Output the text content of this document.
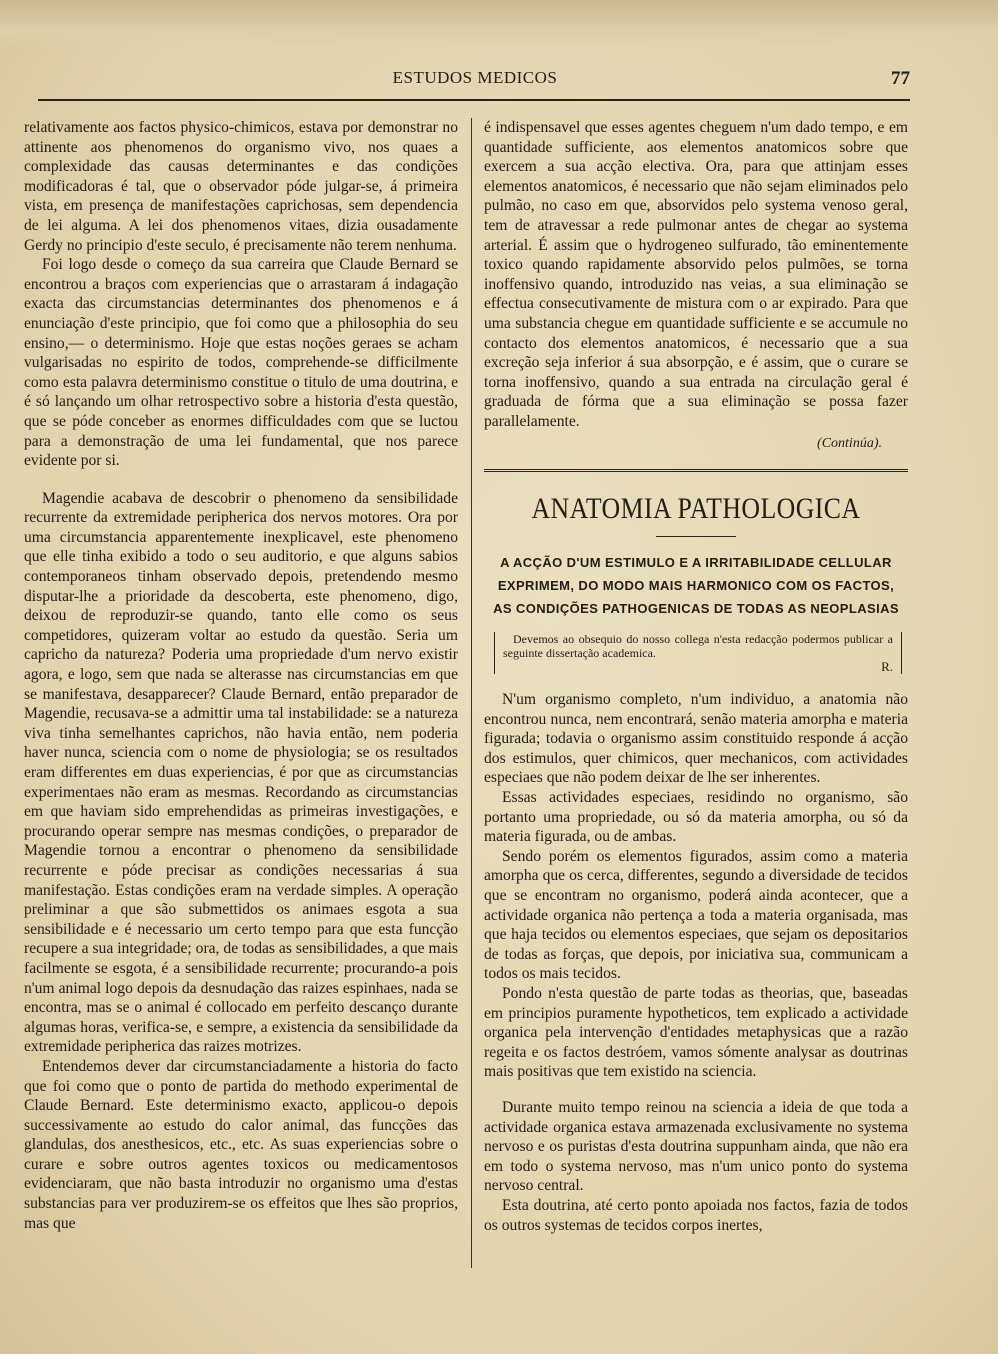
ESTUDOS MEDICOS	77

relativamente aos factos physico-chimicos, estava por demonstrar no attinente aos phenomenos do organismo vivo, nos quaes a complexidade das causas determinantes e das condições modificadoras é tal, que o observador póde julgar-se, á primeira vista, em presença de manifestações caprichosas, sem dependencia de lei alguma. A lei dos phenomenos vitaes, dizia ousadamente Gerdy no principio d'este seculo, é precisamente não terem nenhuma.

Foi logo desde o começo da sua carreira que Claude Bernard se encontrou a braços com experiencias que o arrastaram á indagação exacta das circumstancias determinantes dos phenomenos e á enunciação d'este principio, que foi como que a philosophia do seu ensino,— o determinismo. Hoje que estas noções geraes se acham vulgarisadas no espirito de todos, comprehende-se difficilmente como esta palavra determinismo constitue o titulo de uma doutrina, e é só lançando um olhar retrospectivo sobre a historia d'esta questão, que se póde conceber as enormes difficuldades com que se luctou para a demonstração de uma lei fundamental, que nos parece evidente por si.

Magendie acabava de descobrir o phenomeno da sensibilidade recurrente da extremidade peripherica dos nervos motores. Ora por uma circumstancia apparentemente inexplicavel, este phenomeno que elle tinha exibido a todo o seu auditorio, e que alguns sabios contemporaneos tinham observado depois, pretendendo mesmo disputar-lhe a prioridade da descoberta, este phenomeno, digo, deixou de reproduzir-se quando, tanto elle como os seus competidores, quizeram voltar ao estudo da questão. Seria um capricho da natureza? Poderia uma propriedade d'um nervo existir agora, e logo, sem que nada se alterasse nas circumstancias em que se manifestava, desapparecer? Claude Bernard, então preparador de Magendie, recusava-se a admittir uma tal instabilidade: se a natureza viva tinha semelhantes caprichos, não havia então, nem poderia haver nunca, sciencia com o nome de physiologia; se os resultados eram differentes em duas experiencias, é por que as circumstancias experimentaes não eram as mesmas. Recordando as circumstancias em que haviam sido emprehendidas as primeiras investigações, e procurando operar sempre nas mesmas condições, o preparador de Magendie tornou a encontrar o phenomeno da sensibilidade recurrente e póde precisar as condições necessarias á sua manifestação. Estas condições eram na verdade simples. A operação preliminar a que são submettidos os animaes esgota a sua sensibilidade e é necessario um certo tempo para que esta funcção recupere a sua integridade; ora, de todas as sensibilidades, a que mais facilmente se esgota, é a sensibilidade recurrente; procurando-a pois n'um animal logo depois da desnudação das raizes espinhaes, nada se encontra, mas se o animal é collocado em perfeito descanço durante algumas horas, verifica-se, e sempre, a existencia da sensibilidade da extremidade peripherica das raizes motrizes.

Entendemos dever dar circumstanciadamente a historia do facto que foi como que o ponto de partida do methodo experimental de Claude Bernard. Este determinismo exacto, applicou-o depois successivamente ao estudo do calor animal, das funcções das glandulas, dos anesthesicos, etc., etc. As suas experiencias sobre o curare e sobre outros agentes toxicos ou medicamentosos evidenciaram, que não basta introduzir no organismo uma d'estas substancias para ver produzirem-se os effeitos que lhes são proprios, mas que

é indispensavel que esses agentes cheguem n'um dado tempo, e em quantidade sufficiente, aos elementos anatomicos sobre que exercem a sua acção electiva. Ora, para que attinjam esses elementos anatomicos, é necessario que não sejam eliminados pelo pulmão, no caso em que, absorvidos pelo systema venoso geral, tem de atravessar a rede pulmonar antes de chegar ao systema arterial. É assim que o hydrogeneo sulfurado, tão eminentemente toxico quando rapidamente absorvido pelos pulmões, se torna inoffensivo quando, introduzido nas veias, a sua eliminação se effectua consecutivamente de mistura com o ar expirado. Para que uma substancia chegue em quantidade sufficiente e se accumule no contacto dos elementos anatomicos, é necessario que a sua excreção seja inferior á sua absorpção, e é assim, que o curare se torna inoffensivo, quando a sua entrada na circulação geral é graduada de fórma que a sua eliminação se possa fazer parallelamente.

(Continúa).
ANATOMIA PATHOLOGICA
A ACÇÃO D'UM ESTIMULO E A IRRITABILIDADE CELLULAR
EXPRIMEM, DO MODO MAIS HARMONICO COM OS FACTOS,
AS CONDIÇÕES PATHOGENICAS DE TODAS AS NEOPLASIAS
Devemos ao obsequio do nosso collega n'esta redacção podermos publicar a seguinte dissertação academica.
R.

N'um organismo completo, n'um individuo, a anatomia não encontrou nunca, nem encontrará, senão materia amorpha e materia figurada; todavia o organismo assim constituido responde á acção dos estimulos, quer chimicos, quer mechanicos, com actividades especiaes que não podem deixar de lhe ser inherentes.

Essas actividades especiaes, residindo no organismo, são portanto uma propriedade, ou só da materia amorpha, ou só da materia figurada, ou de ambas.

Sendo porém os elementos figurados, assim como a materia amorpha que os cerca, differentes, segundo a diversidade de tecidos que se encontram no organismo, poderá ainda acontecer, que a actividade organica não pertença a toda a materia organisada, mas que haja tecidos ou elementos especiaes, que sejam os depositarios de todas as forças, que depois, por iniciativa sua, communicam a todos os mais tecidos.

Pondo n'esta questão de parte todas as theorias, que, baseadas em principios puramente hypotheticos, tem explicado a actividade organica pela intervenção d'entidades metaphysicas que a razão regeita e os factos destróem, vamos sómente analysar as doutrinas mais positivas que tem existido na sciencia.

Durante muito tempo reinou na sciencia a ideia de que toda a actividade organica estava armazenada exclusivamente no systema nervoso e os puristas d'esta doutrina suppunham ainda, que não era em todo o systema nervoso, mas n'um unico ponto do systema nervoso central.

Esta doutrina, até certo ponto apoiada nos factos, fazia de todos os outros systemas de tecidos corpos inertes,
